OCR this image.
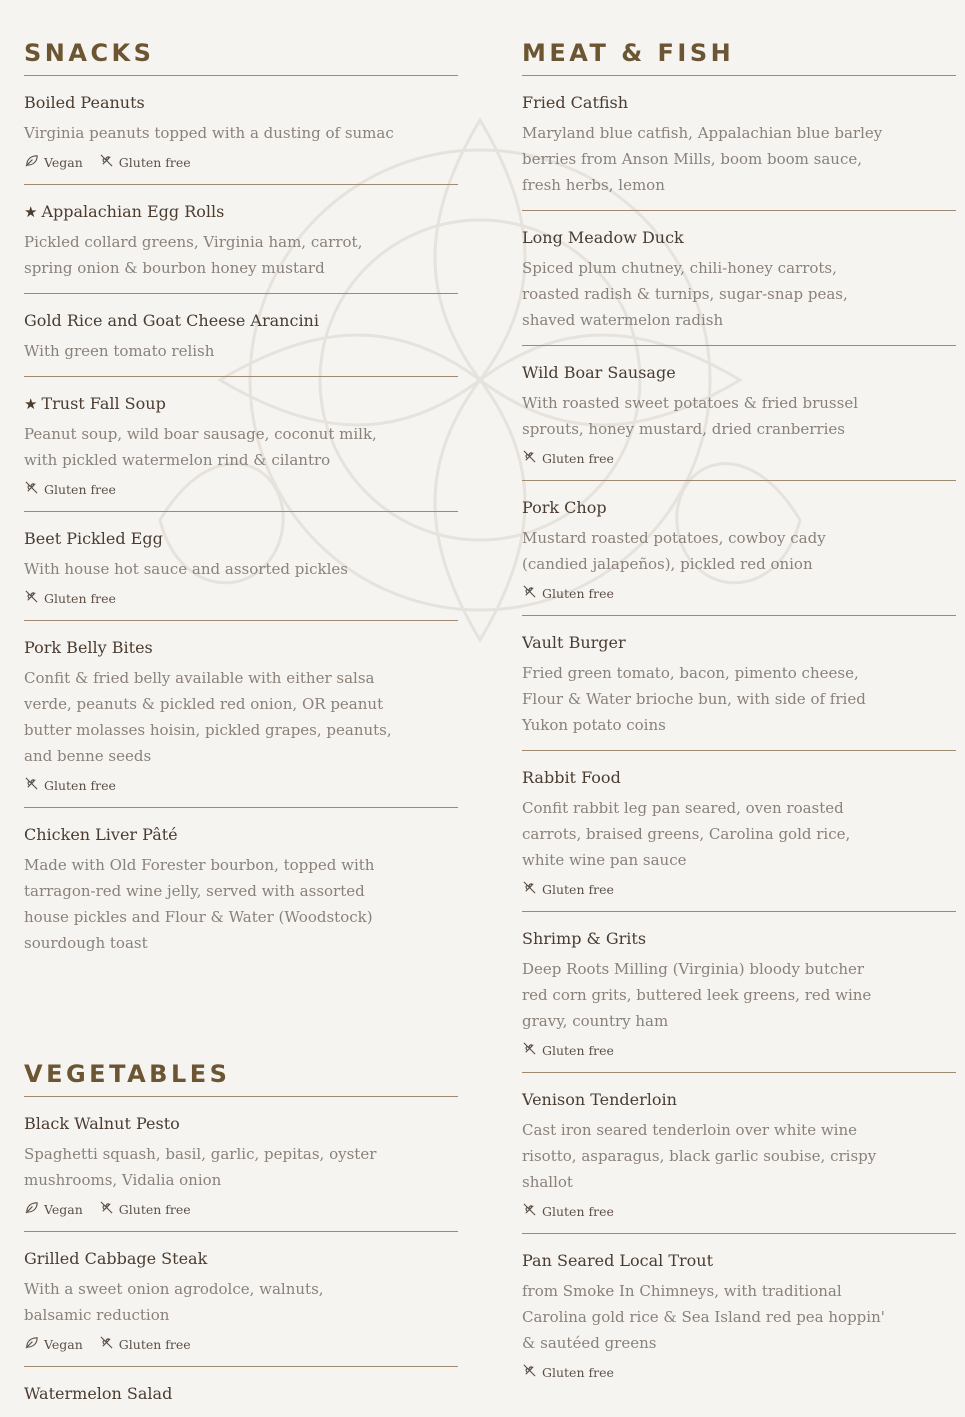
SNACKS
Boiled Peanuts
Virginia peanuts topped with a dusting of sumac
Vegan	Gluten free
★ Appalachian Egg Rolls
Pickled collard greens, Virginia ham, carrot, spring onion & bourbon honey mustard
Gold Rice and Goat Cheese Arancini
With green tomato relish
★ Trust Fall Soup
Peanut soup, wild boar sausage, coconut milk, with pickled watermelon rind & cilantro
Gluten free
Beet Pickled Egg
With house hot sauce and assorted pickles
Gluten free
Pork Belly Bites
Confit & fried belly available with either salsa verde, peanuts & pickled red onion, OR peanut butter molasses hoisin, pickled grapes, peanuts, and benne seeds
Gluten free
Chicken Liver Pâté
Made with Old Forester bourbon, topped with tarragon-red wine jelly, served with assorted house pickles and Flour & Water (Woodstock) sourdough toast
VEGETABLES
Black Walnut Pesto
Spaghetti squash, basil, garlic, pepitas, oyster mushrooms, Vidalia onion
Vegan	Gluten free
Grilled Cabbage Steak
With a sweet onion agrodolce, walnuts, balsamic reduction
Vegan	Gluten free
Watermelon Salad
MEAT & FISH
Fried Catfish
Maryland blue catfish, Appalachian blue barley berries from Anson Mills, boom boom sauce, fresh herbs, lemon
Long Meadow Duck
Spiced plum chutney, chili-honey carrots, roasted radish & turnips, sugar-snap peas, shaved watermelon radish
Wild Boar Sausage
With roasted sweet potatoes & fried brussel sprouts, honey mustard, dried cranberries
Gluten free
Pork Chop
Mustard roasted potatoes, cowboy cady (candied jalapeños), pickled red onion
Gluten free
Vault Burger
Fried green tomato, bacon, pimento cheese, Flour & Water brioche bun, with side of fried Yukon potato coins
Rabbit Food
Confit rabbit leg pan seared, oven roasted carrots, braised greens, Carolina gold rice, white wine pan sauce
Gluten free
Shrimp & Grits
Deep Roots Milling (Virginia) bloody butcher red corn grits, buttered leek greens, red wine gravy, country ham
Gluten free
Venison Tenderloin
Cast iron seared tenderloin over white wine risotto, asparagus, black garlic soubise, crispy shallot
Gluten free
Pan Seared Local Trout
from Smoke In Chimneys, with traditional Carolina gold rice & Sea Island red pea hoppin' & sautéed greens
Gluten free
